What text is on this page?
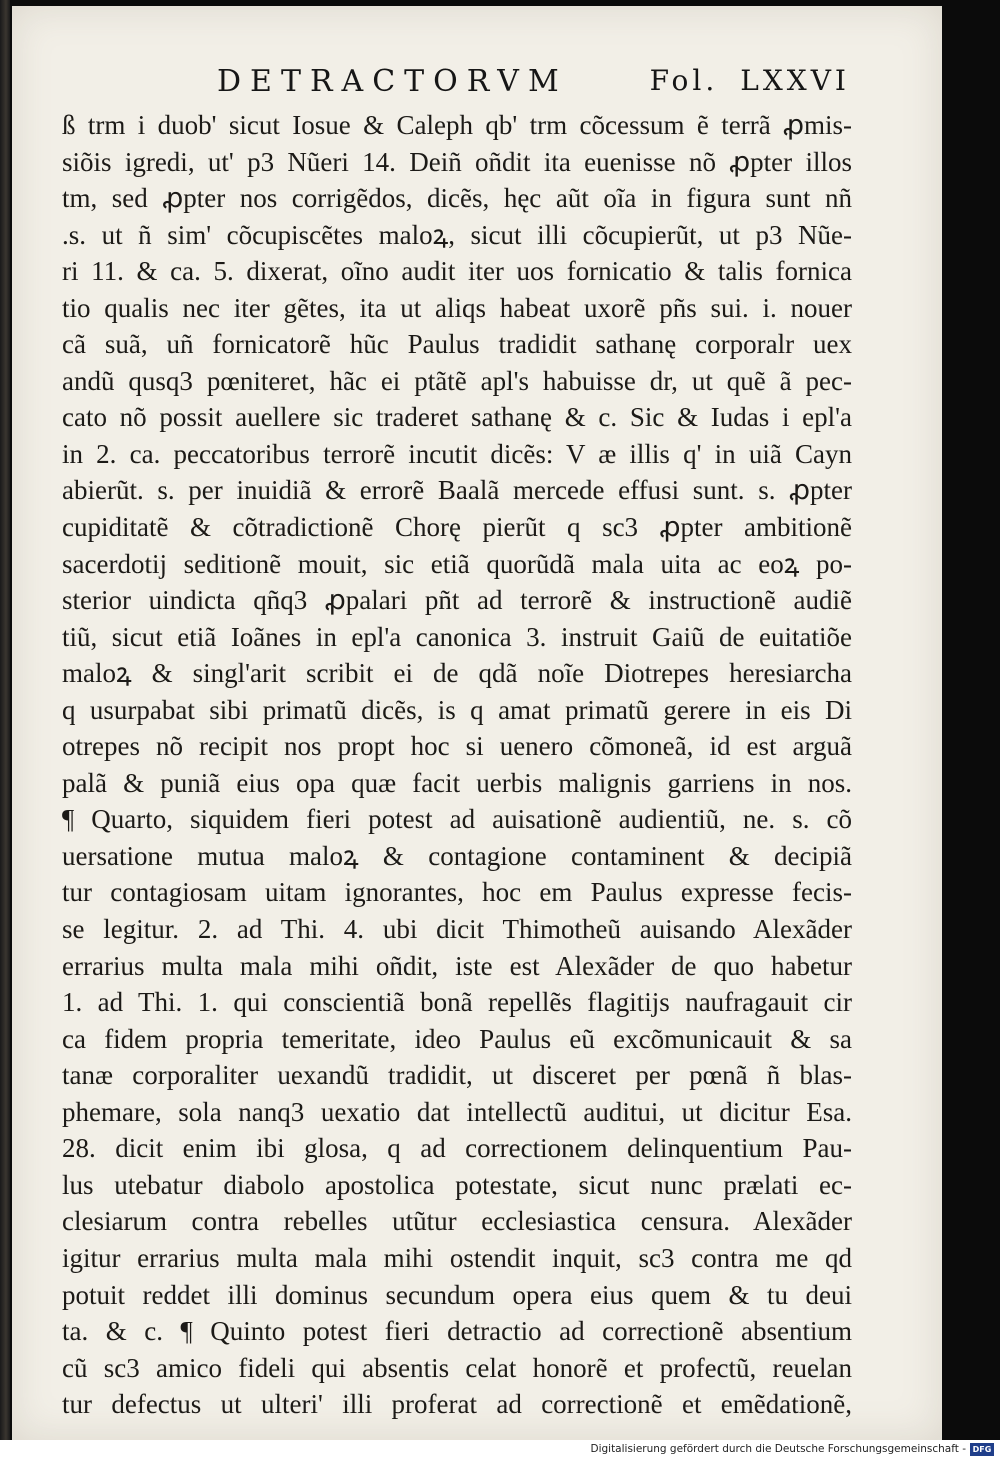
DETRACTORVM	Fol. LXXVI
ß trm i duob' sicut Iosue & Caleph qb' trm cõcessum ẽ terrã ꝓmis-
siõis igredi, ut' p3 Nũeri 14. Deiñ oñdit ita euenisse nõ ꝓpter illos
tm, sed ꝓpter nos corrigẽdos, dicẽs, hęc aũt oĩa in figura sunt nñ
.s. ut ñ sim' cõcupiscẽtes maloꝝ, sicut illi cõcupierũt, ut p3 Nũe-
ri 11. & ca. 5. dixerat, oĩno audit iter uos fornicatio & talis fornica
tio qualis nec iter gẽtes, ita ut aliqs habeat uxorẽ pñs sui. i. nouer
cã suã, uñ fornicatorẽ hũc Paulus tradidit sathanę corporalr uex
andũ qusq3 pœniteret, hãc ei ptãtẽ apl's habuisse dr, ut quẽ ã pec-
cato nõ possit auellere sic traderet sathanę & c. Sic & Iudas i epl'a
in 2. ca. peccatoribus terrorẽ incutit dicẽs: V æ illis q' in uiã Cayn
abierũt. s. per inuidiã & errorẽ Baalã mercede effusi sunt. s. ꝓpter
cupiditatẽ & cõtradictionẽ Chorę pierũt q sc3 ꝓpter ambitionẽ
sacerdotij seditionẽ mouit, sic etiã quorũdã mala uita ac eoꝝ po-
sterior uindicta qñq3 ꝓpalari pñt ad terrorẽ & instructionẽ audiẽ
tiũ, sicut etiã Ioãnes in epl'a canonica 3. instruit Gaiũ de euitatiõe
maloꝝ & singl'arit scribit ei de qdã noĩe Diotrepes heresiarcha
q usurpabat sibi primatũ dicẽs, is q amat primatũ gerere in eis Di
otrepes nõ recipit nos propt hoc si uenero cõmoneã, id est arguã
palã & puniã eius opa quæ facit uerbis malignis garriens in nos.
¶ Quarto, siquidem fieri potest ad auisationẽ audientiũ, ne. s. cõ
uersatione mutua maloꝝ & contagione contaminent & decipiã
tur contagiosam uitam ignorantes, hoc em Paulus expresse fecis-
se legitur. 2. ad Thi. 4. ubi dicit Thimotheũ auisando Alexãder
errarius multa mala mihi oñdit, iste est Alexãder de quo habetur
1. ad Thi. 1. qui conscientiã bonã repellẽs flagitijs naufragauit cir
ca fidem propria temeritate, ideo Paulus eũ excõmunicauit & sa
tanæ corporaliter uexandũ tradidit, ut disceret per pœnã ñ blas-
phemare, sola nanq3 uexatio dat intellectũ auditui, ut dicitur Esa.
28. dicit enim ibi glosa, q ad correctionem delinquentium Pau-
lus utebatur diabolo apostolica potestate, sicut nunc prælati ec-
clesiarum contra rebelles utũtur ecclesiastica censura. Alexãder
igitur errarius multa mala mihi ostendit inquit, sc3 contra me qd
potuit reddet illi dominus secundum opera eius quem & tu deui
ta. & c. ¶ Quinto potest fieri detractio ad correctionẽ absentium
cũ sc3 amico fideli qui absentis celat honorẽ et profectũ, reuelan
tur defectus ut ulteri' illi proferat ad correctionẽ et emẽdationẽ,
Digitalisierung gefördert durch die Deutsche Forschungsgemeinschaft - DFG
